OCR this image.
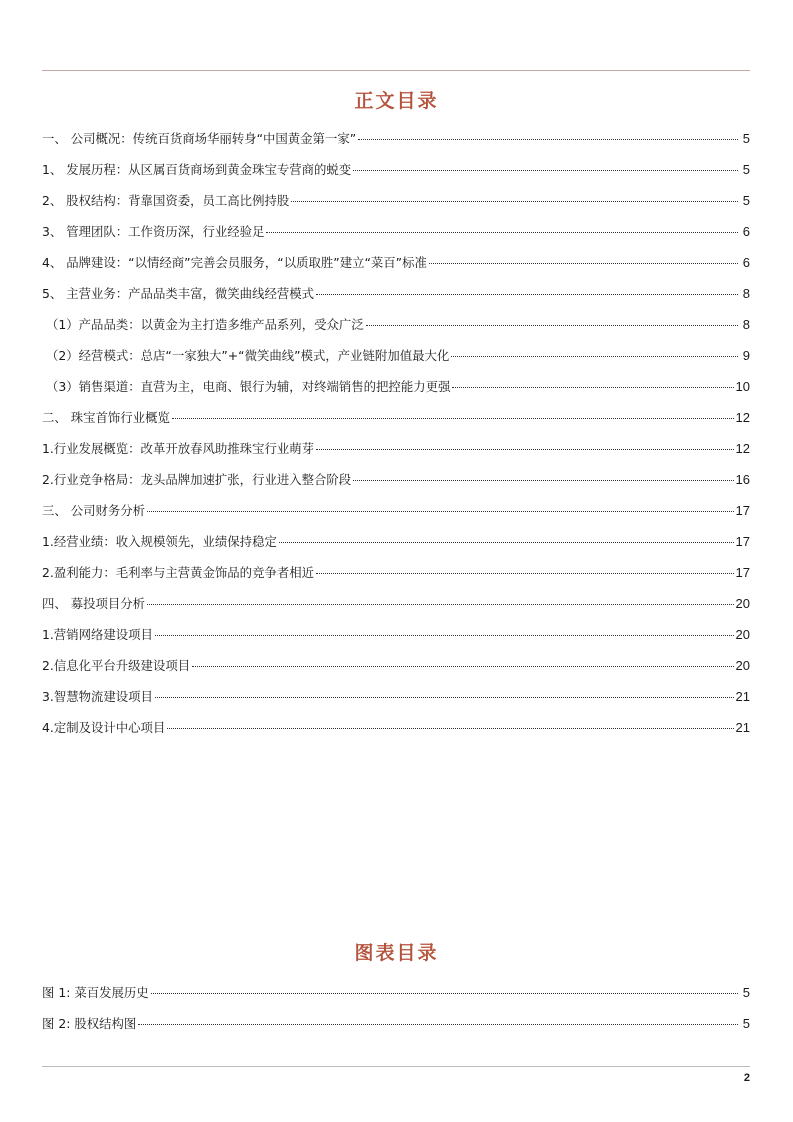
正文目录
一、 公司概况：传统百货商场华丽转身“中国黄金第一家”	5
1、 发展历程：从区属百货商场到黄金珠宝专营商的蜕变	5
2、 股权结构：背靠国资委，员工高比例持股	5
3、 管理团队：工作资历深，行业经验足	6
4、 品牌建设：“以情经商”完善会员服务，“以质取胜”建立“菜百”标准	6
5、 主营业务：产品品类丰富，微笑曲线经营模式	8
（1）产品品类：以黄金为主打造多维产品系列，受众广泛	8
（2）经营模式：总店“一家独大”+“微笑曲线”模式，产业链附加值最大化	9
（3）销售渠道：直营为主，电商、银行为辅，对终端销售的把控能力更强	10
二、 珠宝首饰行业概览	12
1.行业发展概览：改革开放春风助推珠宝行业萌芽	12
2.行业竞争格局：龙头品牌加速扩张，行业进入整合阶段	16
三、 公司财务分析	17
1.经营业绩：收入规模领先，业绩保持稳定	17
2.盈利能力：毛利率与主营黄金饰品的竞争者相近	17
四、 募投项目分析	20
1.营销网络建设项目	20
2.信息化平台升级建设项目	20
3.智慧物流建设项目	21
4.定制及设计中心项目	21
图表目录
图 1: 菜百发展历史	5
图 2: 股权结构图	5
2
